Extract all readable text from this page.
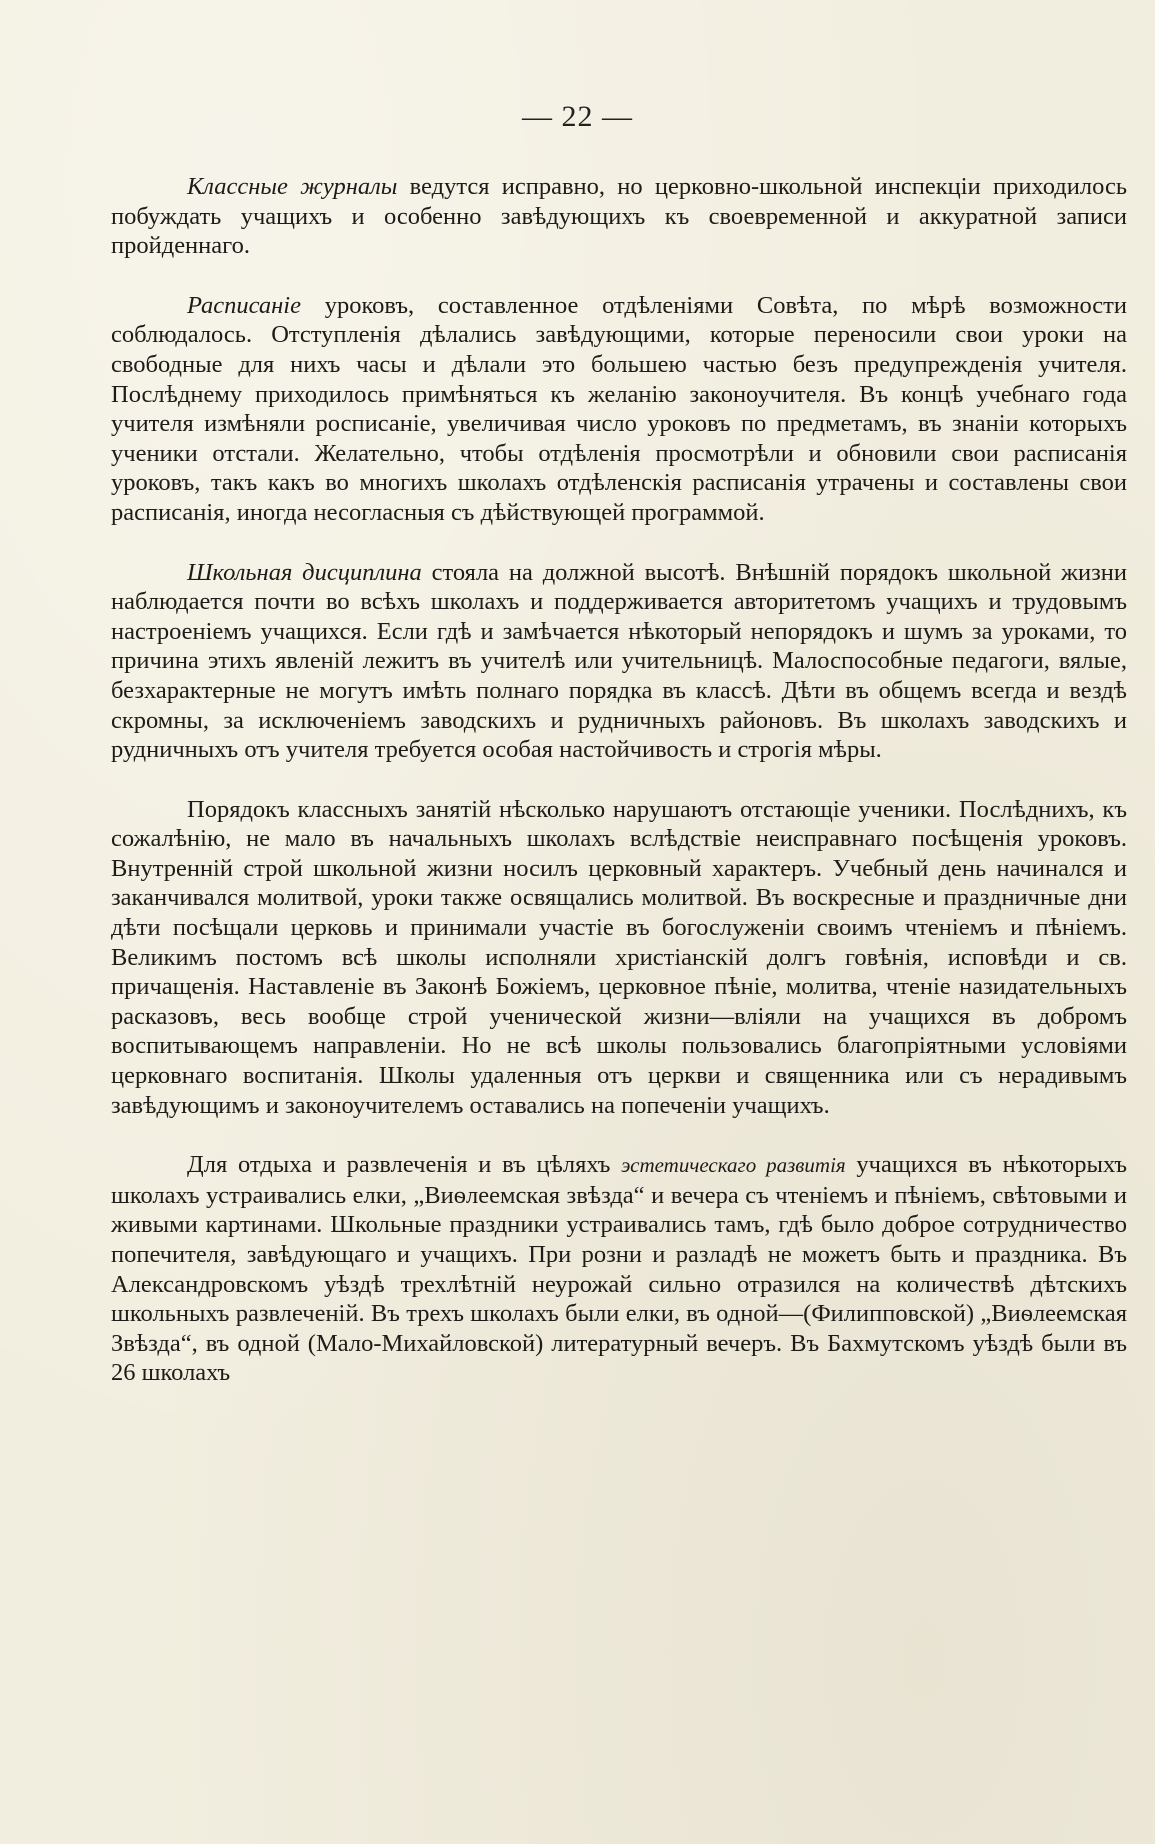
— 22 —

Классные журналы ведутся исправно, но церковно-школьной инспекціи приходилось побуждать учащихъ и особенно завѣдующихъ къ своевременной и аккуратной записи пройденнаго.

Расписаніе уроковъ, составленное отдѣленіями Совѣта, по мѣрѣ возможности соблюдалось. Отступленія дѣлались завѣдующими, которые переносили свои уроки на свободные для нихъ часы и дѣлали это большею частью безъ предупрежденія учителя. Послѣднему приходилось примѣняться къ желанію законоучителя. Въ концѣ учебнаго года учителя измѣняли росписаніе, увеличивая число уроковъ по предметамъ, въ знаніи которыхъ ученики отстали. Желательно, чтобы отдѣленія просмотрѣли и обновили свои расписанія уроковъ, такъ какъ во многихъ школахъ отдѣленскія расписанія утрачены и составлены свои расписанія, иногда несогласныя съ дѣйствующей программой.

Школьная дисциплина стояла на должной высотѣ. Внѣшній порядокъ школьной жизни наблюдается почти во всѣхъ школахъ и поддерживается авторитетомъ учащихъ и трудовымъ настроеніемъ учащихся. Если гдѣ и замѣчается нѣкоторый непорядокъ и шумъ за уроками, то причина этихъ явленій лежитъ въ учителѣ или учительницѣ. Малоспособные педагоги, вялые, безхарактерные не могутъ имѣть полнаго порядка въ классѣ. Дѣти въ общемъ всегда и вездѣ скромны, за исключеніемъ заводскихъ и рудничныхъ районовъ. Въ школахъ заводскихъ и рудничныхъ отъ учителя требуется особая настойчивость и строгія мѣры.

Порядокъ классныхъ занятій нѣсколько нарушаютъ отстающіе ученики. Послѣднихъ, къ сожалѣнію, не мало въ начальныхъ школахъ вслѣдствіе неисправнаго посѣщенія уроковъ. Внутренній строй школьной жизни носилъ церковный характеръ. Учебный день начинался и заканчивался молитвой, уроки также освящались молитвой. Въ воскресные и праздничные дни дѣти посѣщали церковь и принимали участіе въ богослуженіи своимъ чтеніемъ и пѣніемъ. Великимъ постомъ всѣ школы исполняли христіанскій долгъ говѣнія, исповѣди и св. причащенія. Наставленіе въ Законѣ Божіемъ, церковное пѣніе, молитва, чтеніе назидательныхъ расказовъ, весь вообще строй ученической жизни—вліяли на учащихся въ добромъ воспитывающемъ направленіи. Но не всѣ школы пользовались благопріятными условіями церковнаго воспитанія. Школы удаленныя отъ церкви и священника или съ нерадивымъ завѣдующимъ и законоучителемъ оставались на попеченіи учащихъ.

Для отдыха и развлеченія и въ цѣляхъ эстетическаго развитія учащихся въ нѣкоторыхъ школахъ устраивались елки, „Виѳлеемская звѣзда“ и вечера съ чтеніемъ и пѣніемъ, свѣтовыми и живыми картинами. Школьные праздники устраивались тамъ, гдѣ было доброе сотрудничество попечителя, завѣдующаго и учащихъ. При розни и разладѣ не можетъ быть и праздника. Въ Александровскомъ уѣздѣ трехлѣтній неурожай сильно отразился на количествѣ дѣтскихъ школьныхъ развлеченій. Въ трехъ школахъ были елки, въ одной—(Филипповской) „Виѳлеемская Звѣзда“, въ одной (Мало-Михайловской) литературный вечеръ. Въ Бахмутскомъ уѣздѣ были въ 26 школахъ
